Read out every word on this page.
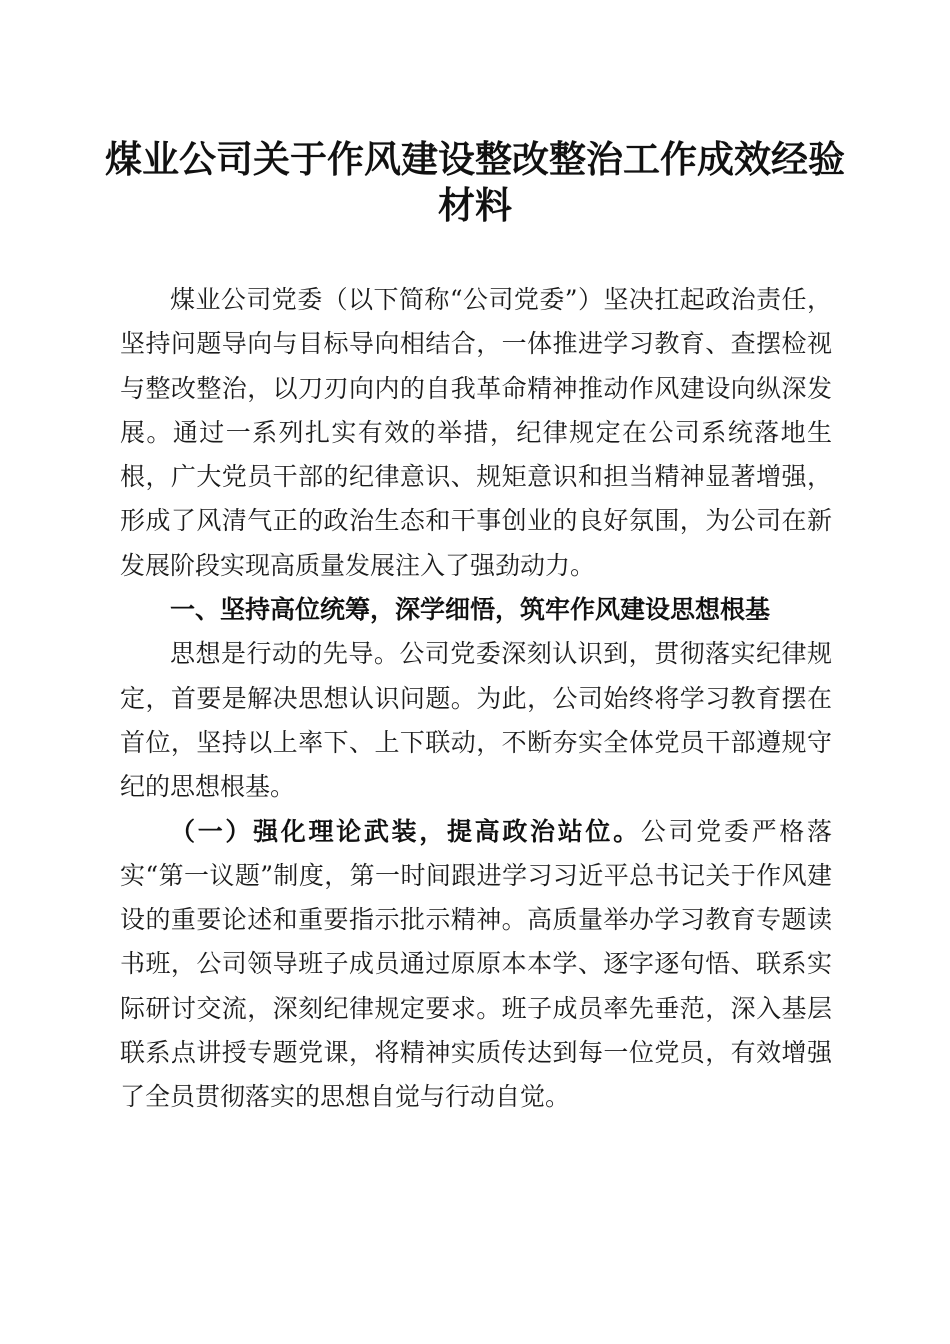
煤业公司关于作风建设整改整治工作成效经验
材料

煤业公司党委（以下简称“公司党委”）坚决扛起政治责任，坚持问题导向与目标导向相结合，一体推进学习教育、查摆检视与整改整治，以刀刃向内的自我革命精神推动作风建设向纵深发展。通过一系列扎实有效的举措，纪律规定在公司系统落地生根，广大党员干部的纪律意识、规矩意识和担当精神显著增强，形成了风清气正的政治生态和干事创业的良好氛围，为公司在新发展阶段实现高质量发展注入了强劲动力。

一、坚持高位统筹，深学细悟，筑牢作风建设思想根基

思想是行动的先导。公司党委深刻认识到，贯彻落实纪律规定，首要是解决思想认识问题。为此，公司始终将学习教育摆在首位，坚持以上率下、上下联动，不断夯实全体党员干部遵规守纪的思想根基。

（一）强化理论武装，提高政治站位。公司党委严格落实“第一议题”制度，第一时间跟进学习习近平总书记关于作风建设的重要论述和重要指示批示精神。高质量举办学习教育专题读书班，公司领导班子成员通过原原本本学、逐字逐句悟、联系实际研讨交流，深刻纪律规定要求。班子成员率先垂范，深入基层联系点讲授专题党课，将精神实质传达到每一位党员，有效增强了全员贯彻落实的思想自觉与行动自觉。
